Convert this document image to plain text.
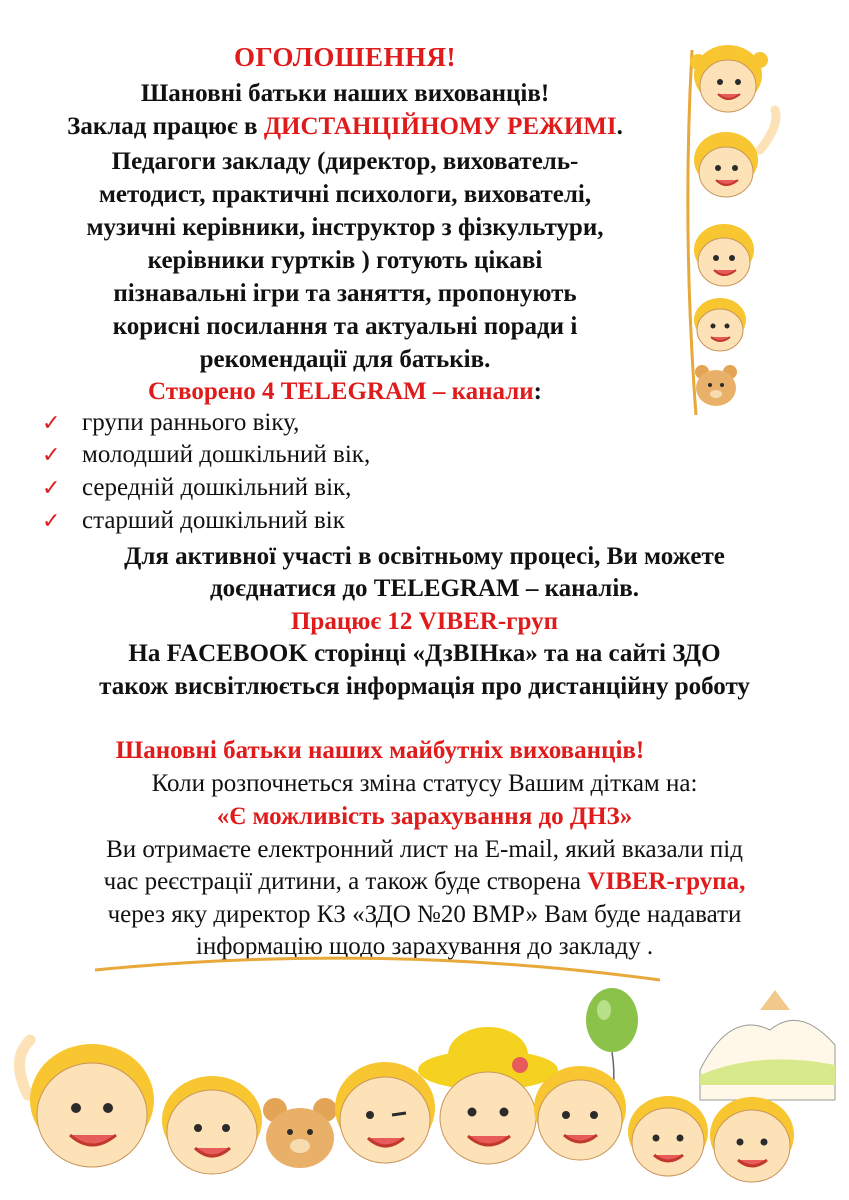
ОГОЛОШЕННЯ!
Шановні батьки наших вихованців!
Заклад працює в ДИСТАНЦІЙНОМУ РЕЖИМІ.
Педагоги закладу (директор, вихователь-
методист, практичні психологи, вихователі,
музичні керівники, інструктор з фізкультури,
керівники гуртків ) готують цікаві
пізнавальні ігри та заняття, пропонують
корисні посилання та актуальні поради і
рекомендації для батьків.
Створено 4 TELEGRAM – канали:
✓ групи раннього віку,
✓ молодший дошкільний вік,
✓ середній дошкільний вік,
✓ старший дошкільний вік
Для активної участі в освітньому процесі, Ви можете
доєднатися до TELEGRAM – каналів.
Працює 12 VIBER-груп
На FACEBOOK сторінці «ДзВІНка» та на сайті ЗДО
також висвітлюється інформація про дистанційну роботу
Шановні батьки наших майбутніх вихованців!
Коли розпочнеться зміна статусу Вашим діткам на:
«Є можливість зарахування до ДНЗ»
Ви отримаєте електронний лист на E-mail, який вказали під
час реєстрації дитини, а також буде створена VIBER-група,
через яку директор КЗ «ЗДО №20 ВМР» Вам буде надавати
інформацію щодо зарахування до закладу .
